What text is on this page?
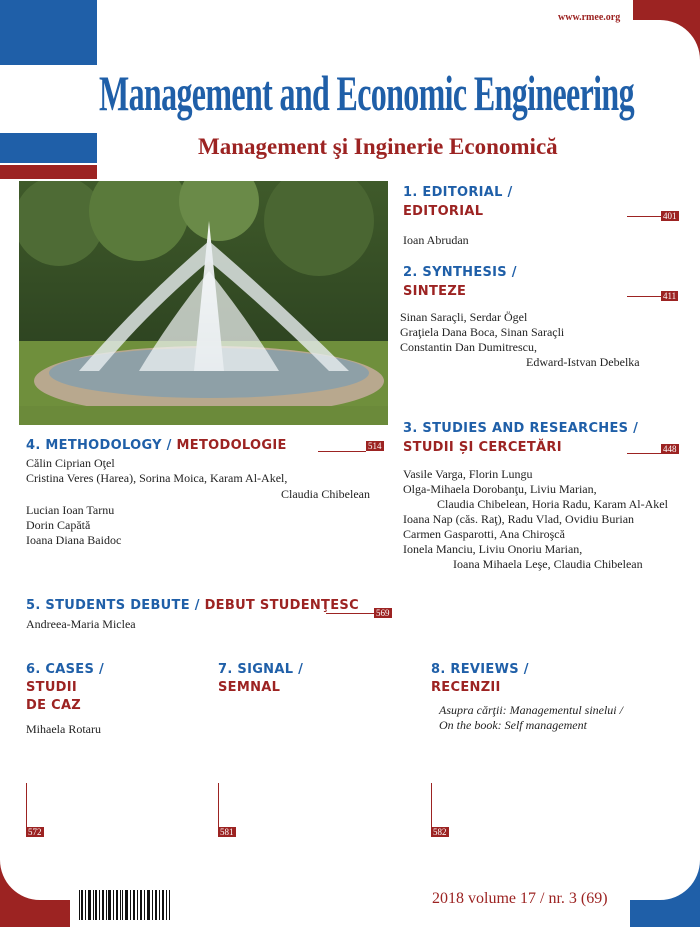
www.rmee.org
Review of
Management and Economic Engineering
Revista de Management şi Inginerie Economică
1. EDITORIAL /
EDITORIAL	401
Ioan Abrudan
2. SYNTHESIS /
SINTEZE	411
Sinan Saraçli, Serdar Ögel
Graţiela Dana Boca, Sinan Saraçli
Constantin Dan Dumitrescu,
Edward-Istvan Debelka
3. STUDIES AND RESEARCHES /
STUDII ȘI CERCETĂRI	448
Vasile Varga, Florin Lungu
Olga-Mihaela Dorobanţu, Liviu Marian,
Claudia Chibelean, Horia Radu, Karam Al-Akel
Ioana Nap (căs. Raţ), Radu Vlad, Ovidiu Burian
Carmen Gasparotti, Ana Chiroşcă
Ionela Manciu, Liviu Onoriu Marian,
Ioana Mihaela Leşe, Claudia Chibelean
4. METHODOLOGY / METODOLOGIE	514
Călin Ciprian Oţel
Cristina Veres (Harea), Sorina Moica, Karam Al-Akel,
Claudia Chibelean
Lucian Ioan Tarnu
Dorin Capătă
Ioana Diana Baidoc
5. STUDENTS DEBUTE / DEBUT STUDENŢESC 569
Andreea-Maria Miclea
6. CASES /
STUDII
DE CAZ
Mihaela Rotaru
572
7. SIGNAL /
SEMNAL
581
8. REVIEWS /
RECENZII
Asupra cărţii: Managementul sinelui /
On the book: Self management
582
2018 volume 17 / nr. 3 (69)
